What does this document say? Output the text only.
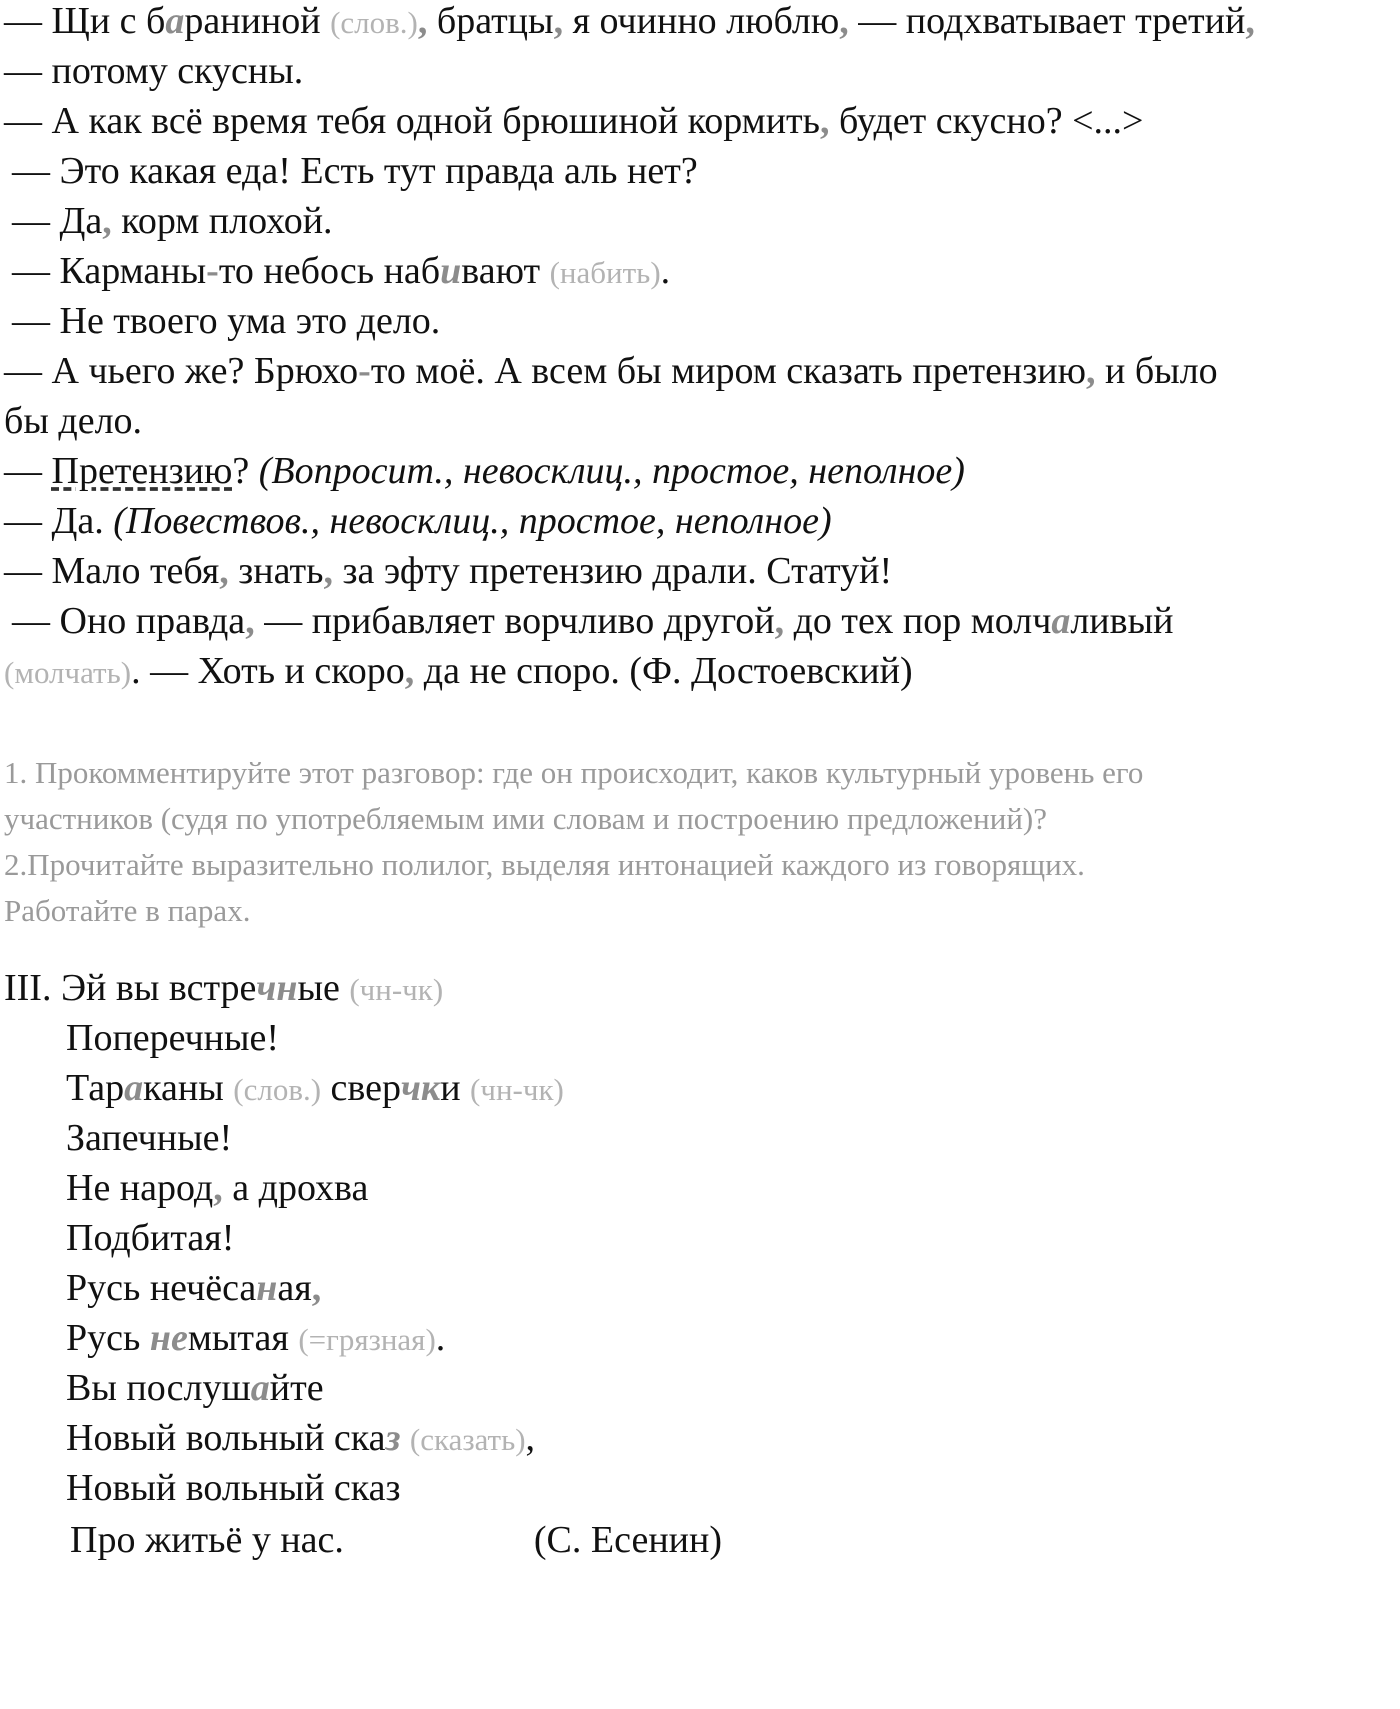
— Щи с бараниной (слов.), братцы, я очинно люблю, — подхватывает третий,
— потому скусны.
— А как всё время тебя одной брюшиной кормить, будет скусно? <...>
— Это какая еда! Есть тут правда аль нет?
— Да, корм плохой.
— Карманы-то небось набивают (набить).
— Не твоего ума это дело.
— А чьего же? Брюхо-то моё. А всем бы миром сказать претензию, и было
бы дело.
— Претензию? (Вопросит., невосклиц., простое, неполное)
— Да. (Повествов., невосклиц., простое, неполное)
— Мало тебя, знать, за эфту претензию драли. Статуй!
— Оно правда, — прибавляет ворчливо другой, до тех пор молчаливый
(молчать). — Хоть и скоро, да не споро. (Ф. Достоевский)
1. Прокомментируйте этот разговор: где он происходит, каков культурный уровень его
участников (судя по употребляемым ими словам и построению предложений)?
2.Прочитайте выразительно полилог, выделяя интонацией каждого из говорящих.
Работайте в парах.
III. Эй вы встречные (чн-чк)
Поперечные!
Тараканы (слов.) сверчки (чн-чк)
Запечные!
Не народ, а дрохва
Подбитая!
Русь нечёсаная,
Русь немытая (=грязная).
Вы послушайте
Новый вольный сказ (сказать),
Новый вольный сказ
Про житьё у нас.	(С. Есенин)
